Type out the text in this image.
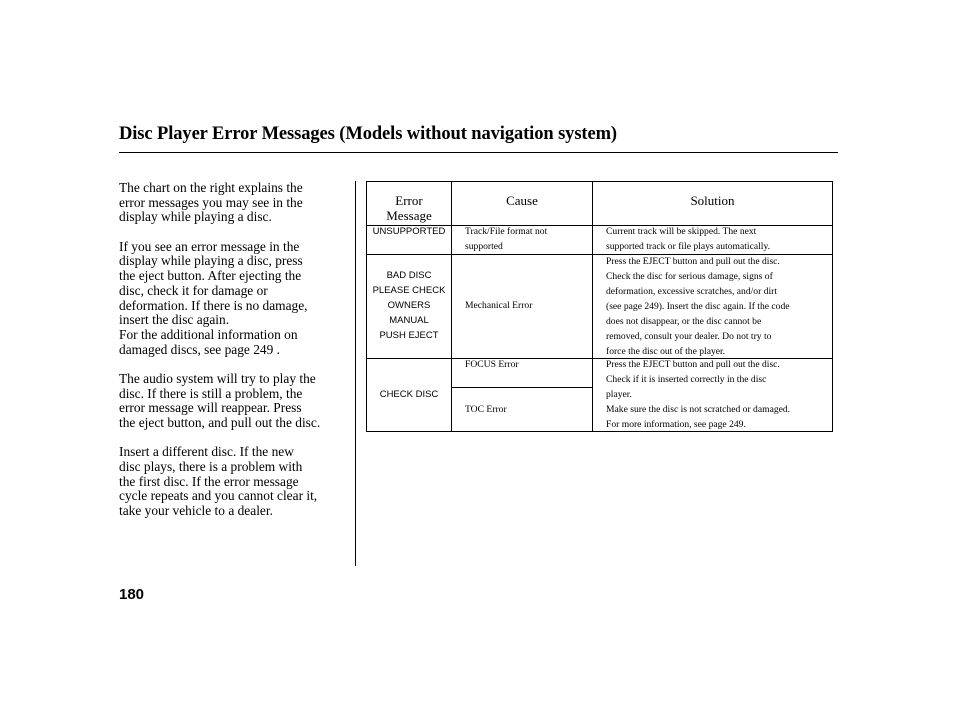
Disc Player Error Messages (Models without navigation system)

The chart on the right explains the
error messages you may see in the
display while playing a disc.

If you see an error message in the
display while playing a disc, press
the eject button. After ejecting the
disc, check it for damage or
deformation. If there is no damage,
insert the disc again.
For the additional information on
damaged discs, see page 249 .

The audio system will try to play the
disc. If there is still a problem, the
error message will reappear. Press
the eject button, and pull out the disc.

Insert a different disc. If the new
disc plays, there is a problem with
the first disc. If the error message
cycle repeats and you cannot clear it,
take your vehicle to a dealer.

Error
Message
Cause	Solution
UNSUPPORTED	Track/File format not
supported
Current track will be skipped. The next
supported track or file plays automatically.
BAD DISC
PLEASE CHECK
OWNERS
MANUAL
PUSH EJECT
Mechanical Error
Press the EJECT button and pull out the disc.
Check the disc for serious damage, signs of
deformation, excessive scratches, and/or dirt
(see page 249). Insert the disc again. If the code
does not disappear, or the disc cannot be
removed, consult your dealer. Do not try to
force the disc out of the player.
CHECK DISC
FOCUS Error
TOC Error
Press the EJECT button and pull out the disc.
Check if it is inserted correctly in the disc
player.
Make sure the disc is not scratched or damaged.
For more information, see page 249.
180
